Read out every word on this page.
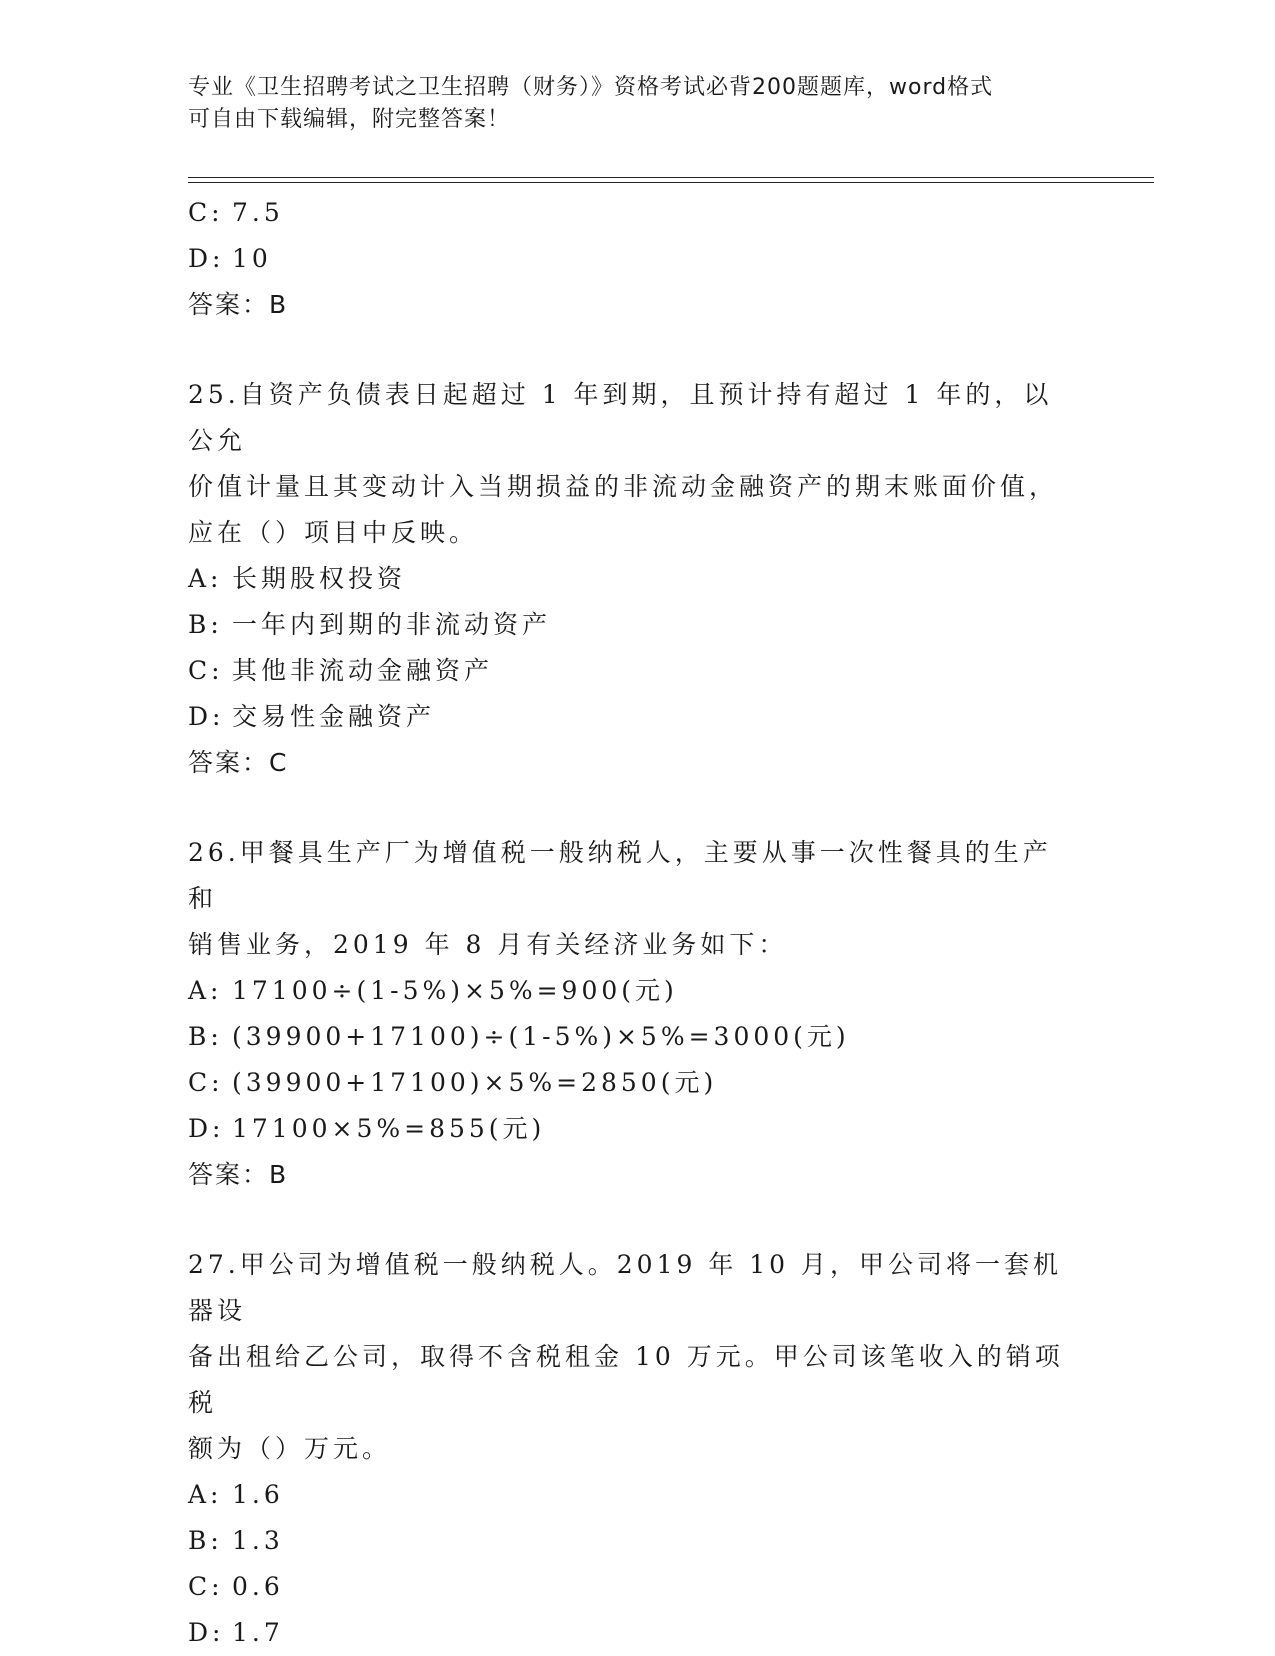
专业《卫生招聘考试之卫生招聘（财务）》资格考试必背200题题库，word格式
可自由下载编辑，附完整答案！
C: 7.5
D: 10
答案：B
25.自资产负债表日起超过 1 年到期，且预计持有超过 1 年的，以公允
价值计量且其变动计入当期损益的非流动金融资产的期末账面价值，
应在（）项目中反映。
A: 长期股权投资
B: 一年内到期的非流动资产
C: 其他非流动金融资产
D: 交易性金融资产
答案：C
26.甲餐具生产厂为增值税一般纳税人，主要从事一次性餐具的生产和
销售业务，2019 年 8 月有关经济业务如下：
A: 17100÷(1-5%)×5%=900(元)
B: (39900+17100)÷(1-5%)×5%=3000(元)
C: (39900+17100)×5%=2850(元)
D: 17100×5%=855(元)
答案：B
27.甲公司为增值税一般纳税人。2019 年 10 月，甲公司将一套机器设
备出租给乙公司，取得不含税租金 10 万元。甲公司该笔收入的销项税
额为（）万元。
A: 1.6
B: 1.3
C: 0.6
D: 1.7
